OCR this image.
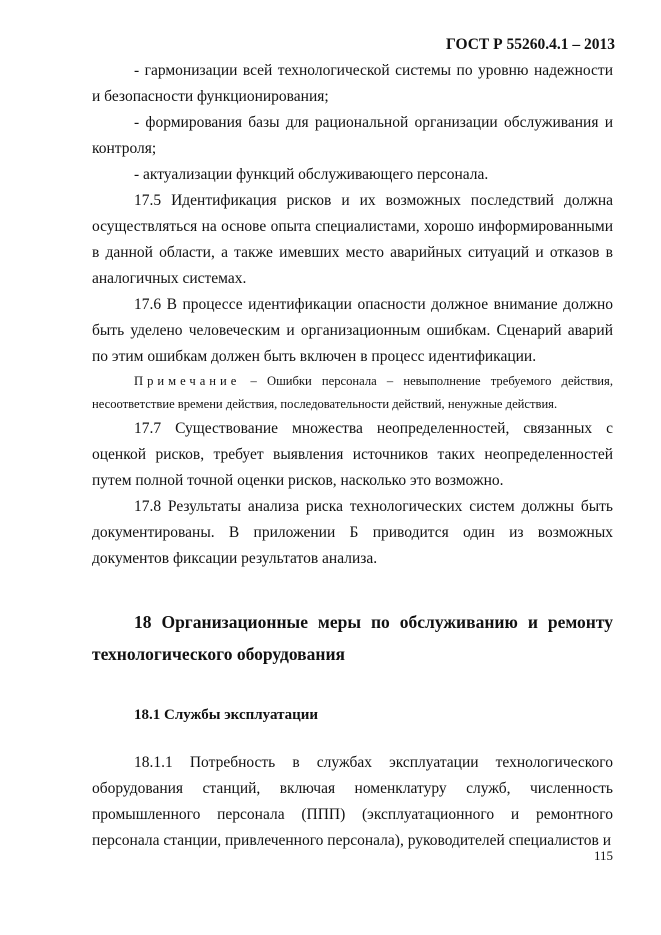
ГОСТ Р 55260.4.1 – 2013

- гармонизации всей технологической системы по уровню надежности и безопасности функционирования;

- формирования базы для рациональной организации обслуживания и контроля;

- актуализации функций обслуживающего персонала.

17.5 Идентификация рисков и их возможных последствий должна осуществляться на основе опыта специалистами, хорошо информированными в данной области, а также имевших место аварийных ситуаций и отказов в аналогичных системах.

17.6 В процессе идентификации опасности должное внимание должно быть уделено человеческим и организационным ошибкам. Сценарий аварий по этим ошибкам должен быть включен в процесс идентификации.

Примечание – Ошибки персонала – невыполнение требуемого действия, несоответствие времени действия, последовательности действий, ненужные действия.

17.7 Существование множества неопределенностей, связанных с оценкой рисков, требует выявления источников таких неопределенностей путем полной точной оценки рисков, насколько это возможно.

17.8 Результаты анализа риска технологических систем должны быть документированы. В приложении Б приводится один из возможных документов фиксации результатов анализа.

18 Организационные меры по обслуживанию и ремонту технологического оборудования

18.1 Службы эксплуатации

18.1.1 Потребность в службах эксплуатации технологического оборудования станций, включая номенклатуру служб, численность промышленного персонала (ППП) (эксплуатационного и ремонтного персонала станции, привлеченного персонала), руководителей специалистов и

115
